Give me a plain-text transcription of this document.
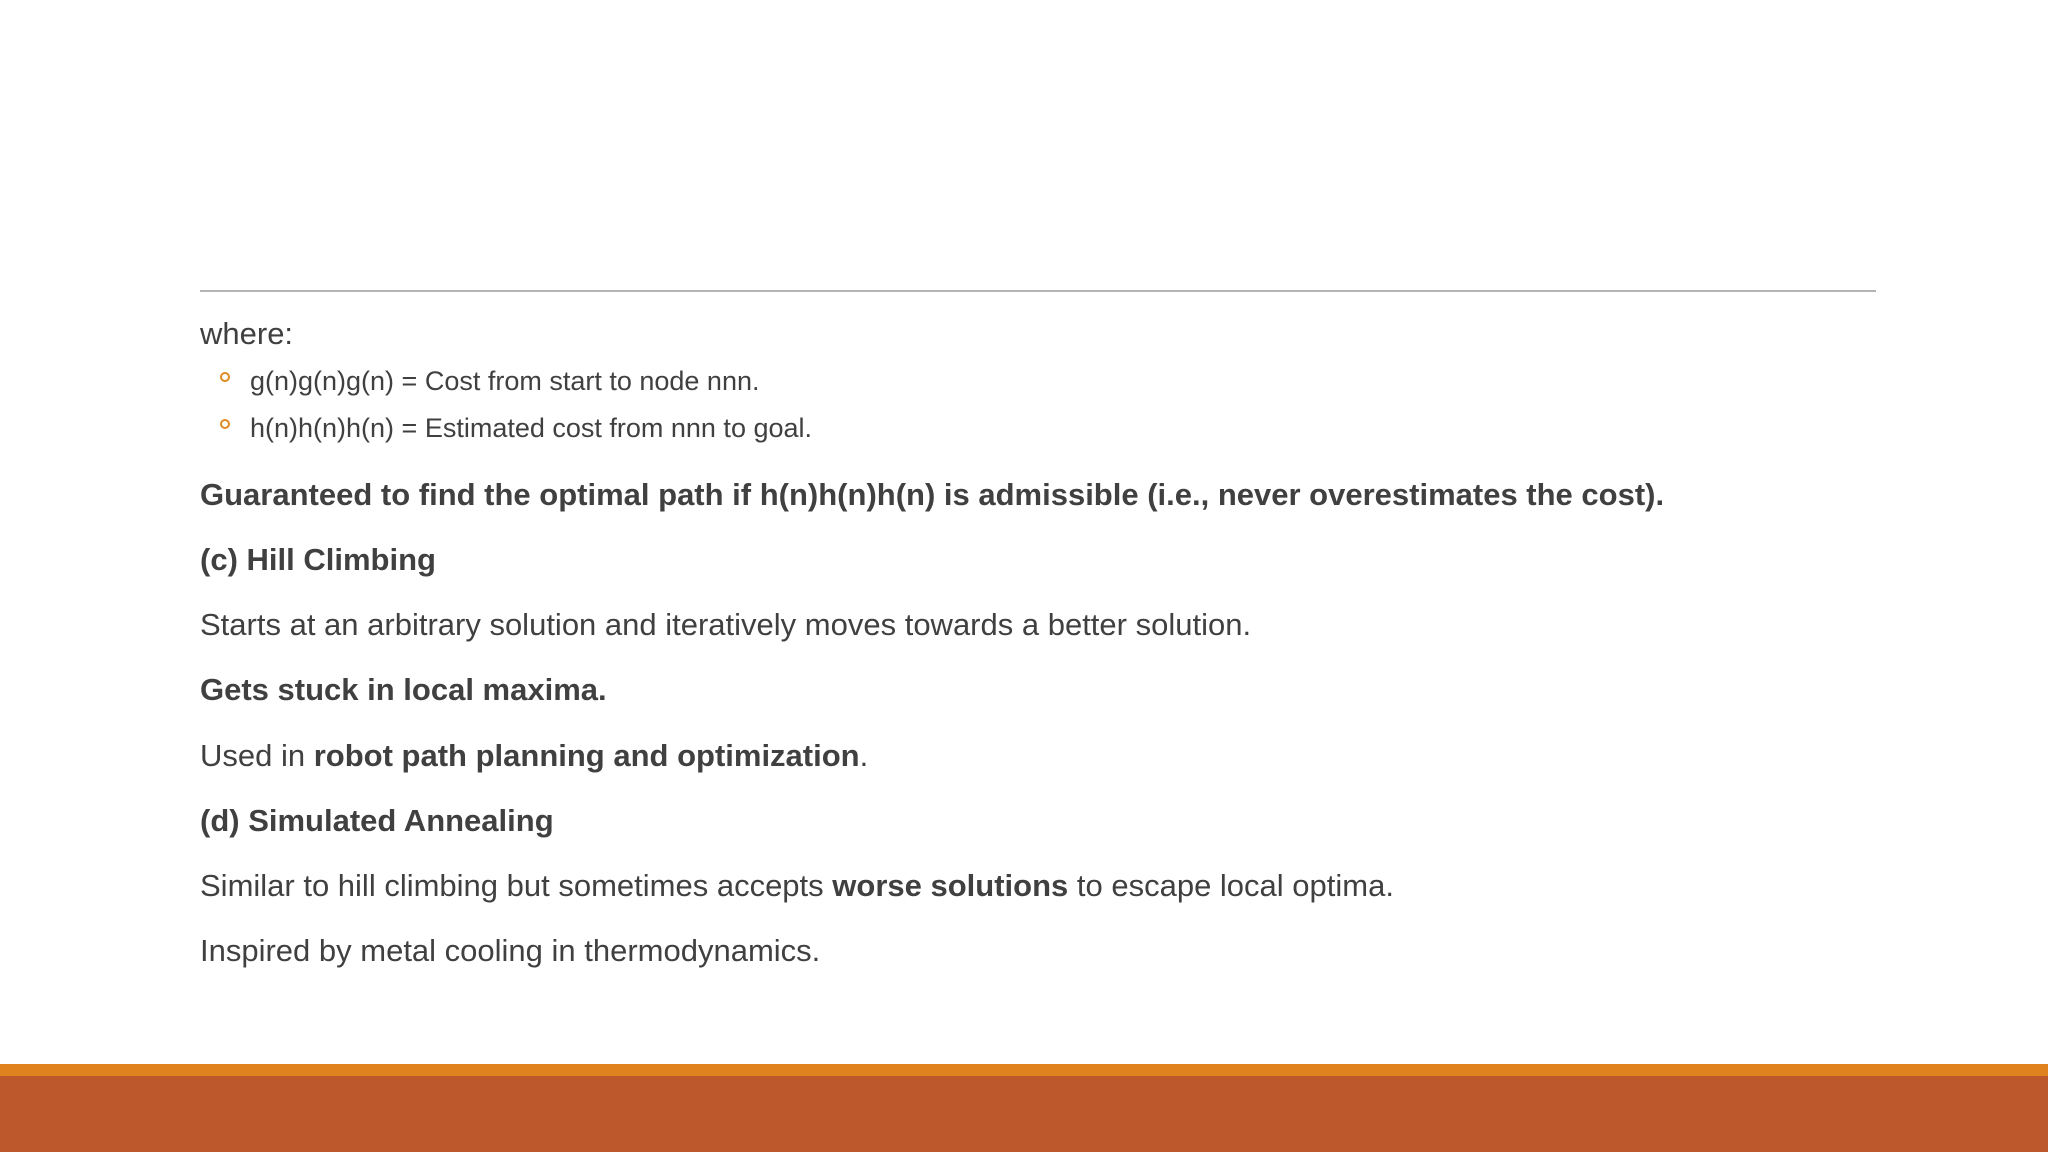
where:
g(n)g(n)g(n) = Cost from start to node nnn.
h(n)h(n)h(n) = Estimated cost from nnn to goal.
Guaranteed to find the optimal path if h(n)h(n)h(n) is admissible (i.e., never overestimates the cost).
(c) Hill Climbing
Starts at an arbitrary solution and iteratively moves towards a better solution.
Gets stuck in local maxima.
Used in robot path planning and optimization.
(d) Simulated Annealing
Similar to hill climbing but sometimes accepts worse solutions to escape local optima.
Inspired by metal cooling in thermodynamics.
